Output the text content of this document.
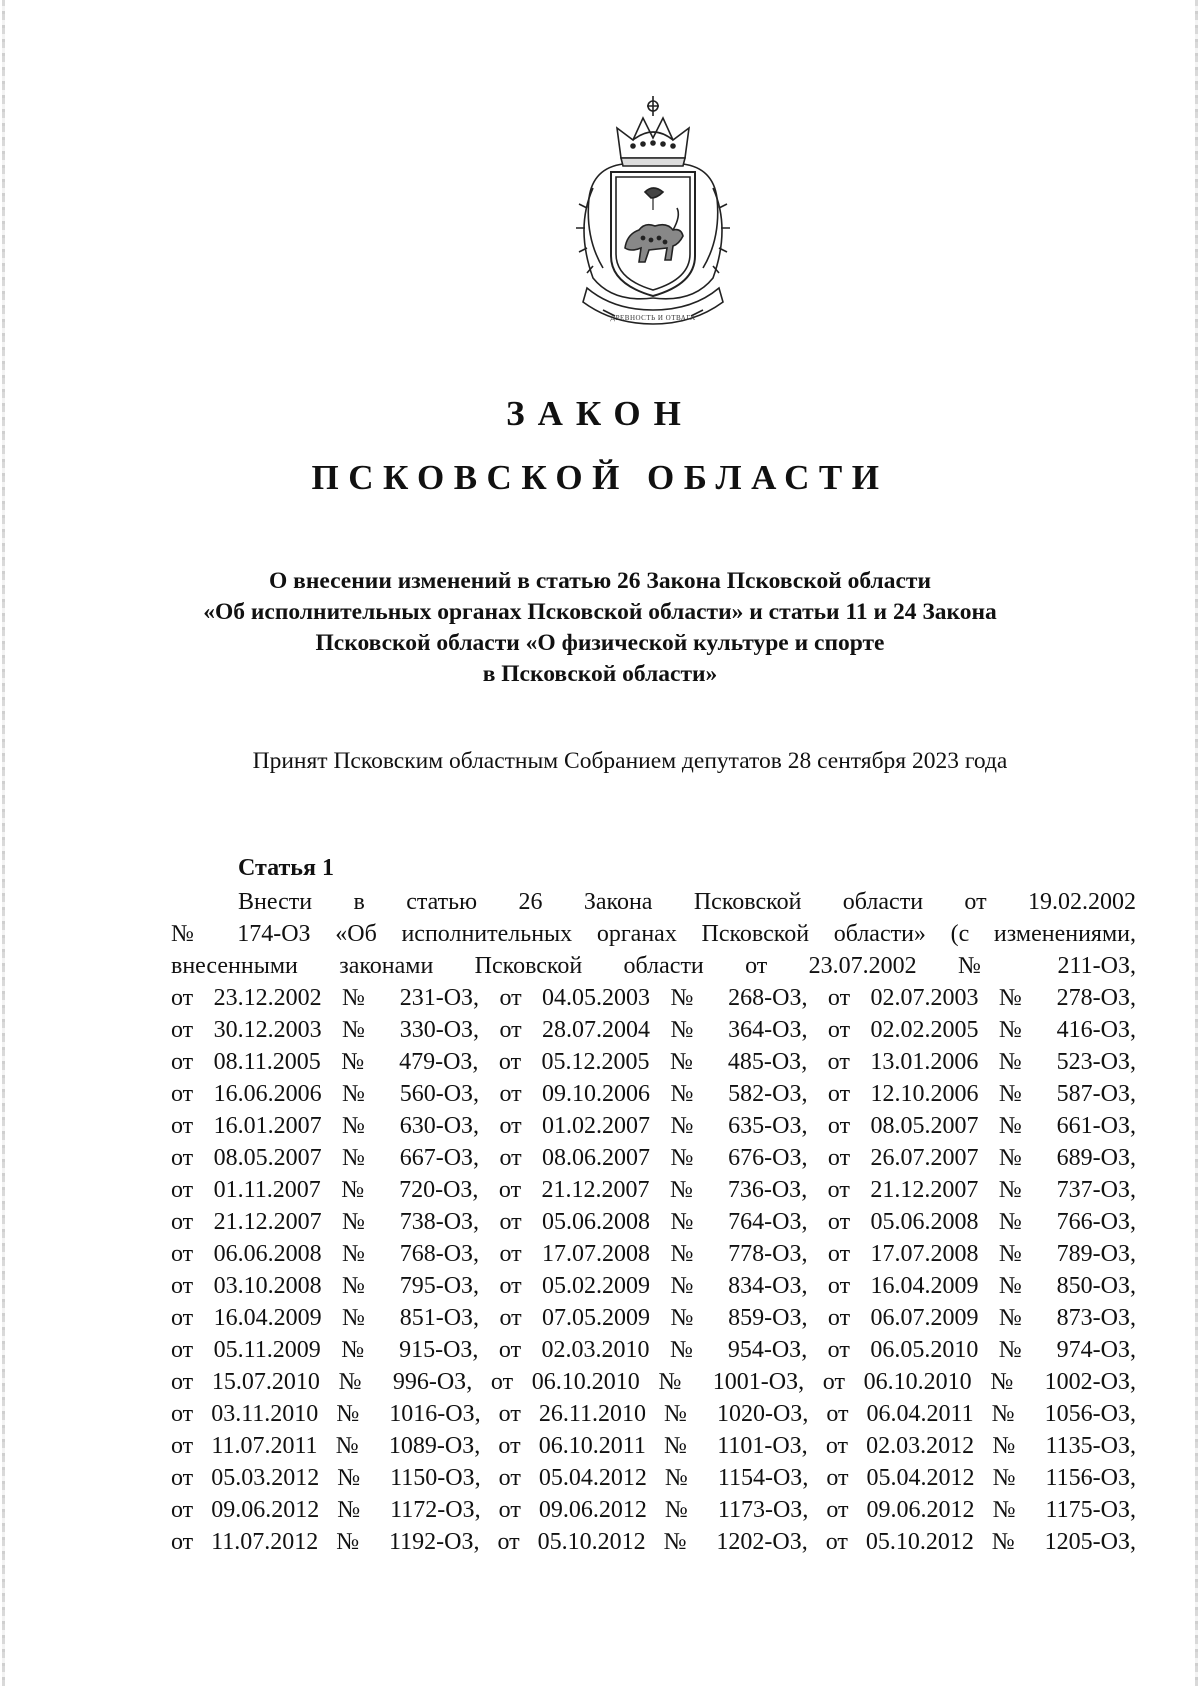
ДРЕВНОСТЬ И ОТВАГА
ЗАКОН
ПСКОВСКОЙ ОБЛАСТИ
О внесении изменений в статью 26 Закона Псковской области
«Об исполнительных органах Псковской области» и статьи 11 и 24 Закона
Псковской области «О физической культуре и спорте
в Псковской области»
Принят Псковским областным Собранием депутатов 28 сентября 2023 года
Статья 1
Внести в статью 26 Закона Псковской области от 19.02.2002
№ 174-ОЗ «Об исполнительных органах Псковской области» (с изменениями,
внесенными законами Псковской области от 23.07.2002 № 211-ОЗ,
от 23.12.2002 № 231-ОЗ, от 04.05.2003 № 268-ОЗ, от 02.07.2003 № 278-ОЗ,
от 30.12.2003 № 330-ОЗ, от 28.07.2004 № 364-ОЗ, от 02.02.2005 № 416-ОЗ,
от 08.11.2005 № 479-ОЗ, от 05.12.2005 № 485-ОЗ, от 13.01.2006 № 523-ОЗ,
от 16.06.2006 № 560-ОЗ, от 09.10.2006 № 582-ОЗ, от 12.10.2006 № 587-ОЗ,
от 16.01.2007 № 630-ОЗ, от 01.02.2007 № 635-ОЗ, от 08.05.2007 № 661-ОЗ,
от 08.05.2007 № 667-ОЗ, от 08.06.2007 № 676-ОЗ, от 26.07.2007 № 689-ОЗ,
от 01.11.2007 № 720-ОЗ, от 21.12.2007 № 736-ОЗ, от 21.12.2007 № 737-ОЗ,
от 21.12.2007 № 738-ОЗ, от 05.06.2008 № 764-ОЗ, от 05.06.2008 № 766-ОЗ,
от 06.06.2008 № 768-ОЗ, от 17.07.2008 № 778-ОЗ, от 17.07.2008 № 789-ОЗ,
от 03.10.2008 № 795-ОЗ, от 05.02.2009 № 834-ОЗ, от 16.04.2009 № 850-ОЗ,
от 16.04.2009 № 851-ОЗ, от 07.05.2009 № 859-ОЗ, от 06.07.2009 № 873-ОЗ,
от 05.11.2009 № 915-ОЗ, от 02.03.2010 № 954-ОЗ, от 06.05.2010 № 974-ОЗ,
от 15.07.2010 № 996-ОЗ, от 06.10.2010 № 1001-ОЗ, от 06.10.2010 № 1002-ОЗ,
от 03.11.2010 № 1016-ОЗ, от 26.11.2010 № 1020-ОЗ, от 06.04.2011 № 1056-ОЗ,
от 11.07.2011 № 1089-ОЗ, от 06.10.2011 № 1101-ОЗ, от 02.03.2012 № 1135-ОЗ,
от 05.03.2012 № 1150-ОЗ, от 05.04.2012 № 1154-ОЗ, от 05.04.2012 № 1156-ОЗ,
от 09.06.2012 № 1172-ОЗ, от 09.06.2012 № 1173-ОЗ, от 09.06.2012 № 1175-ОЗ,
от 11.07.2012 № 1192-ОЗ, от 05.10.2012 № 1202-ОЗ, от 05.10.2012 № 1205-ОЗ,
